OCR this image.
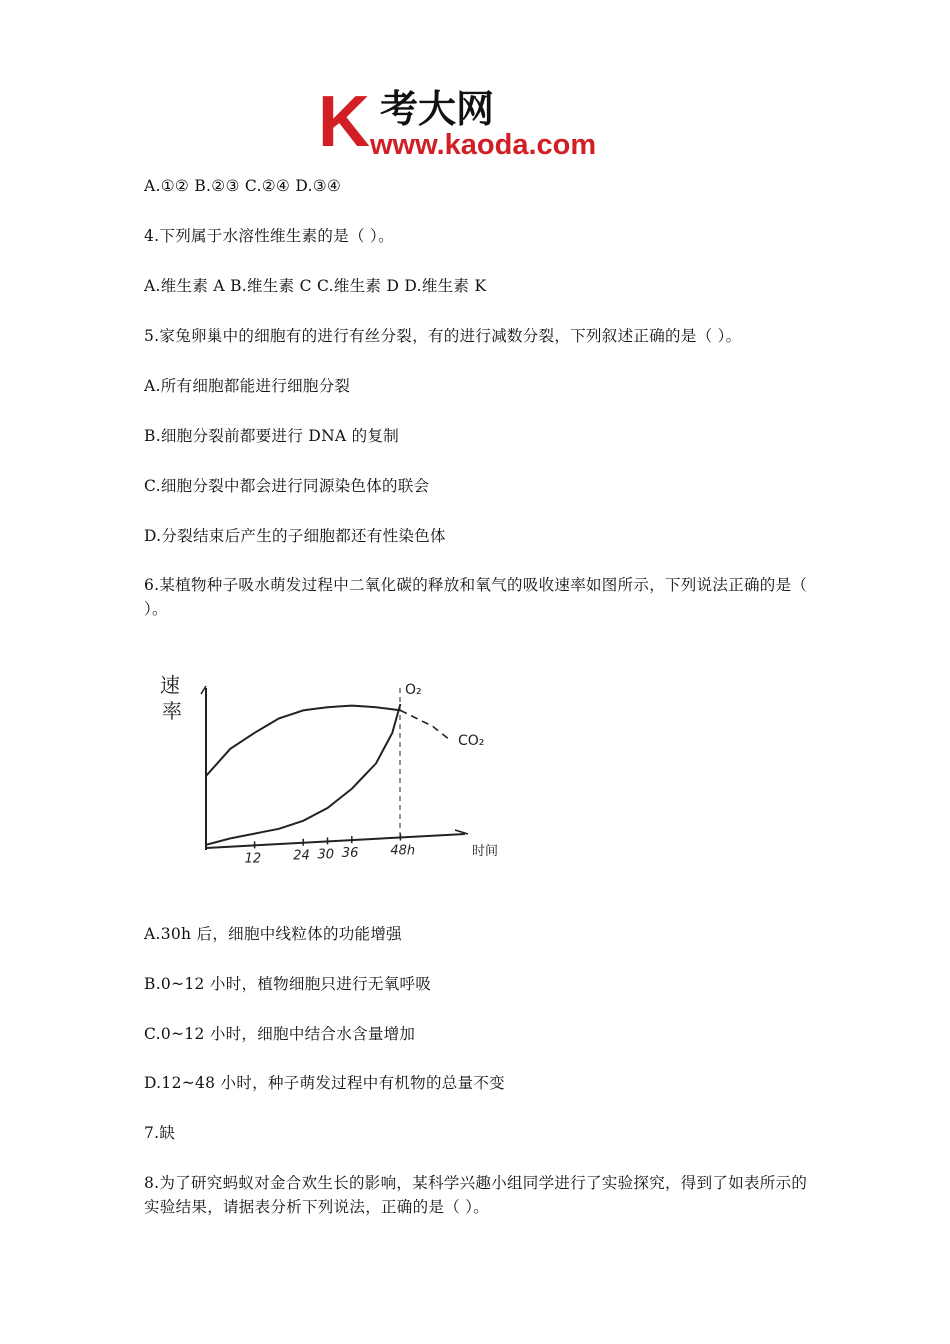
K 考大网
www.kaoda.com
A.①② B.②③ C.②④ D.③④
4.下列属于水溶性维生素的是（ ）。
A.维生素 A B.维生素 C C.维生素 D D.维生素 K
5.家兔卵巢中的细胞有的进行有丝分裂，有的进行减数分裂，下列叙述正确的是（ ）。
A.所有细胞都能进行细胞分裂
B.细胞分裂前都要进行 DNA 的复制
C.细胞分裂中都会进行同源染色体的联会
D.分裂结束后产生的子细胞都还有性染色体
6.某植物种子吸水萌发过程中二氧化碳的释放和氧气的吸收速率如图所示，下列说法正确的是（ ）。
速
率
时间
12 24 30 36 48h
CO₂
O₂
A.30h 后，细胞中线粒体的功能增强
B.0~12 小时，植物细胞只进行无氧呼吸
C.0~12 小时，细胞中结合水含量增加
D.12~48 小时，种子萌发过程中有机物的总量不变
7.缺
8.为了研究蚂蚁对金合欢生长的影响，某科学兴趣小组同学进行了实验探究，得到了如表所示的实验结果，请据表分析下列说法，正确的是（ ）。
